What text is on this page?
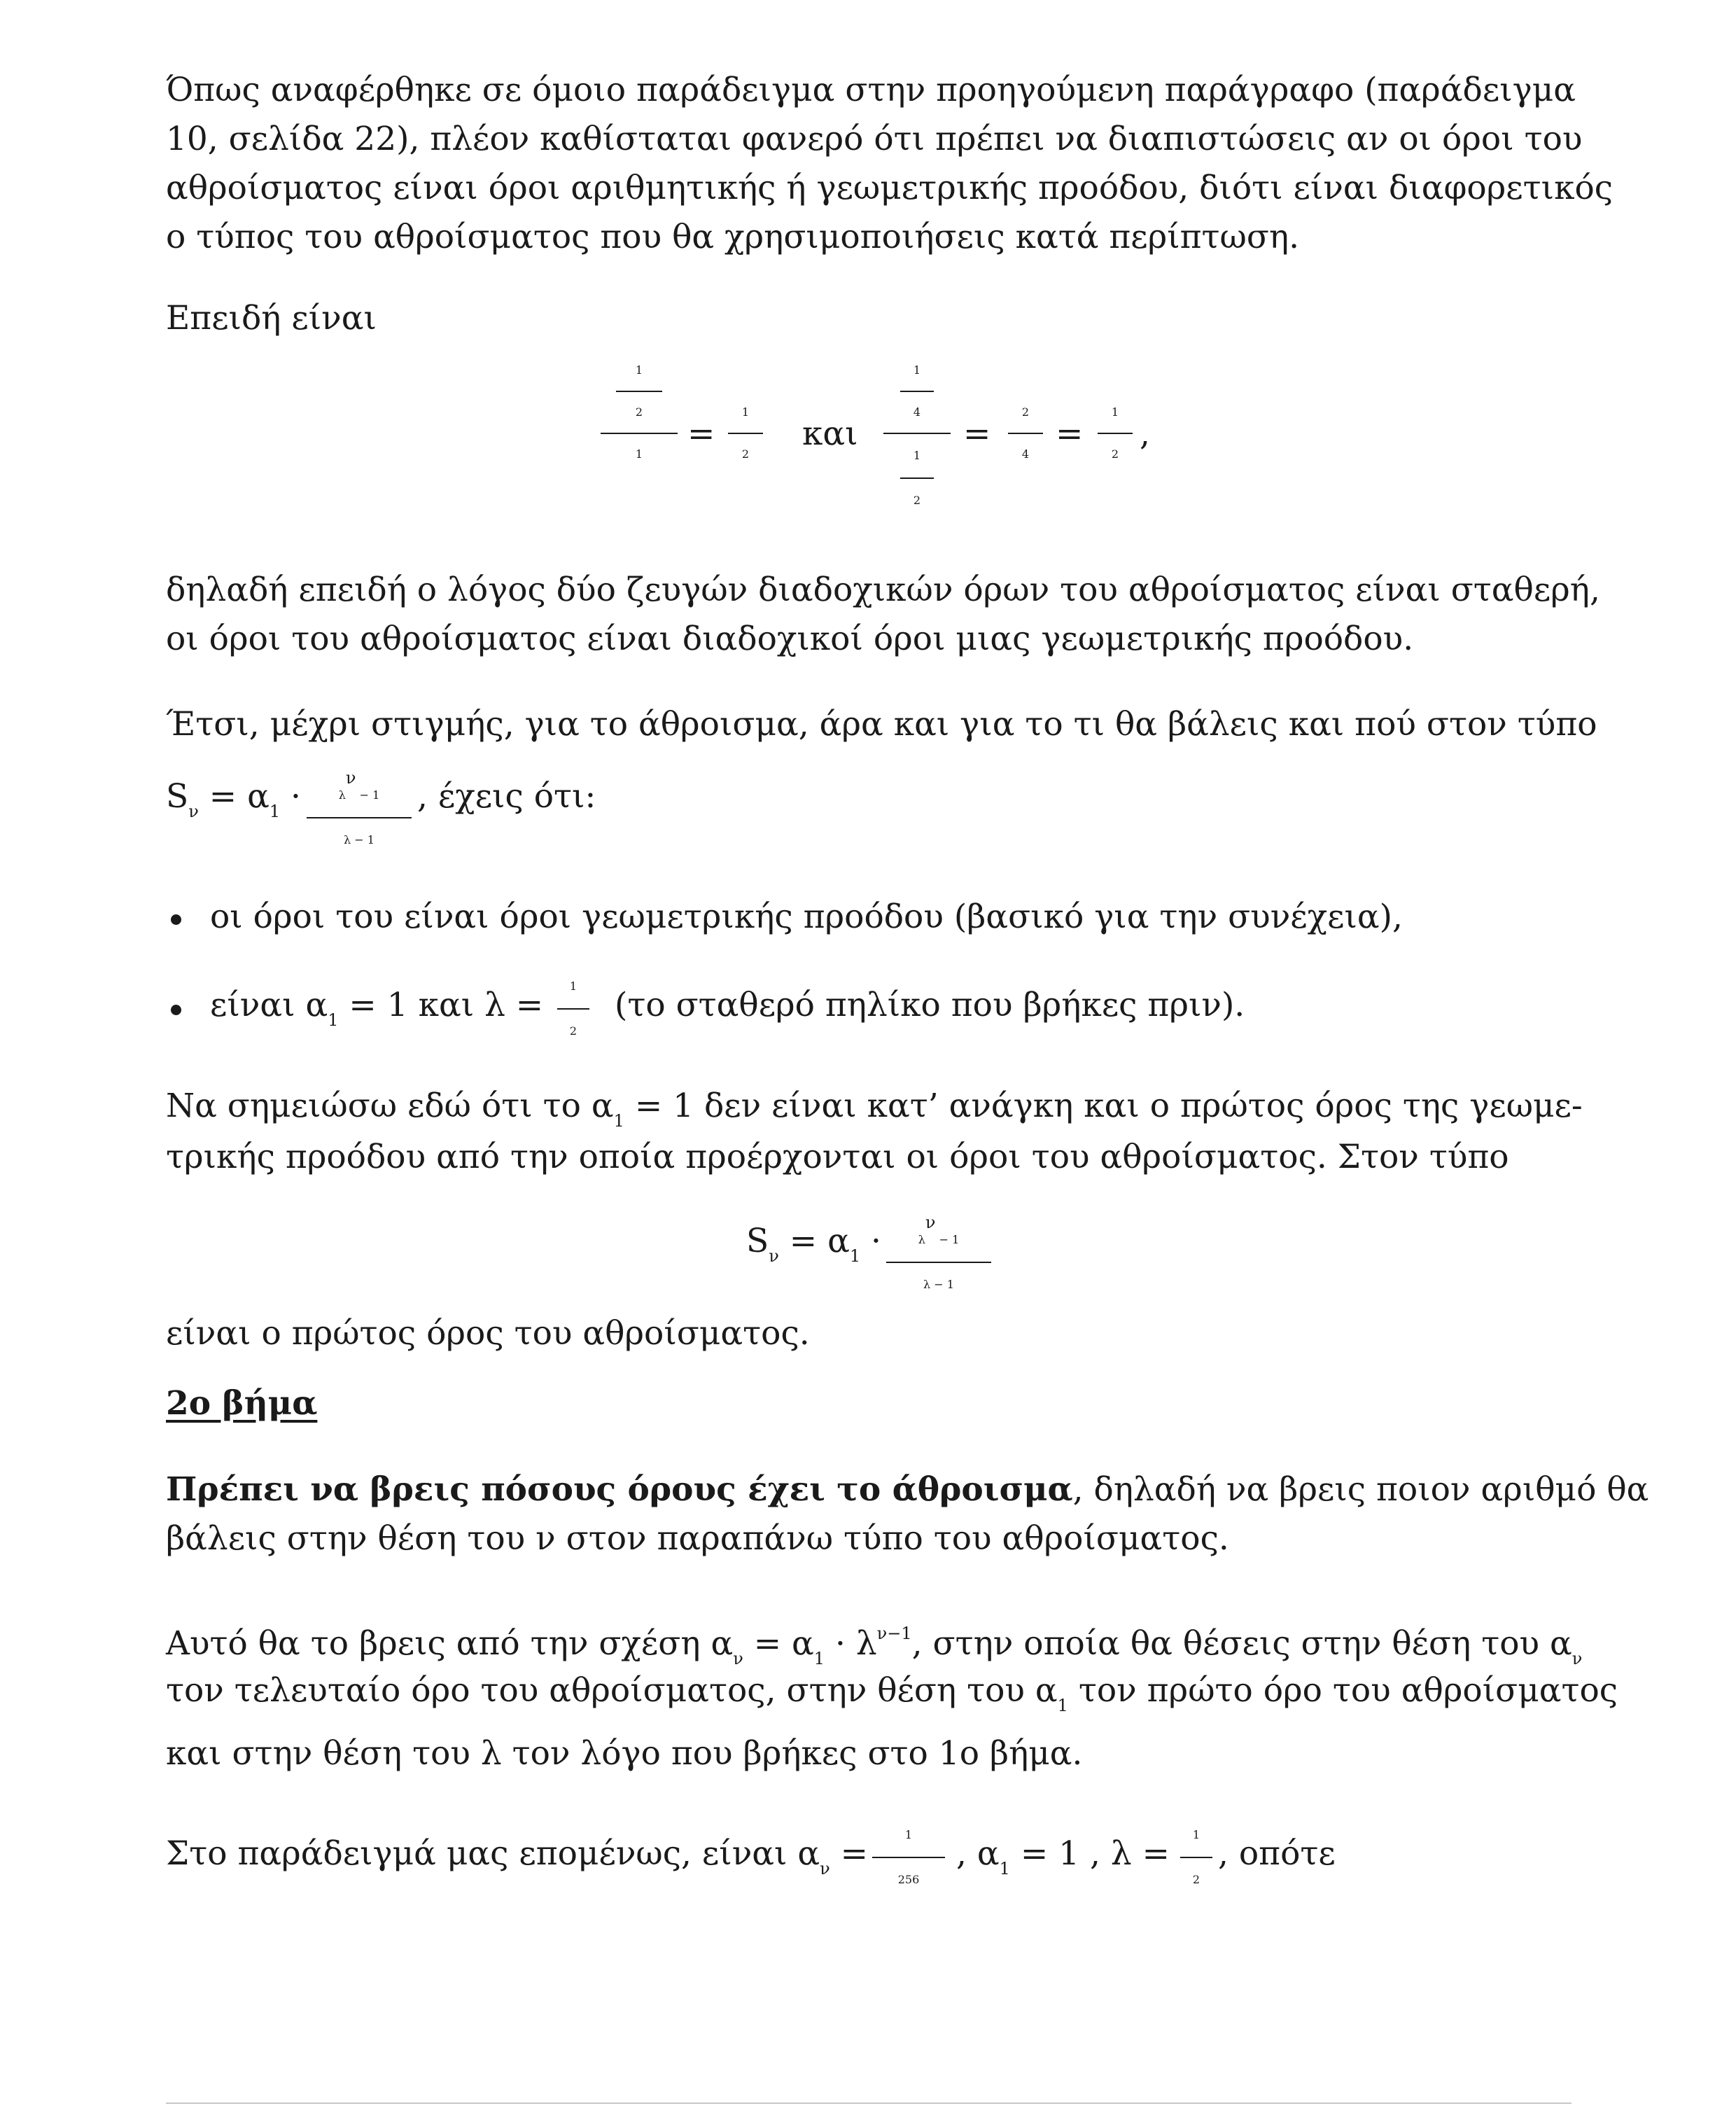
Όπως αναφέρθηκε σε όμοιο παράδειγμα στην προηγούμενη παράγραφο (παράδειγμα

10, σελίδα 22), πλέον καθίσταται φανερό ότι πρέπει να διαπιστώσεις αν οι όροι του

αθροίσματος είναι όροι αριθμητικής ή γεωμετρικής προόδου, διότι είναι διαφορετικός

ο τύπος του αθροίσματος που θα χρησιμοποιήσεις κατά περίπτωση.

Επειδή είναι

1
2
1
=
1
2
και
1
4
1
2
=
2
4
=
1
2
,

δηλαδή επειδή ο λόγος δύο ζευγών διαδοχικών όρων του αθροίσματος είναι σταθερή,

οι όροι του αθροίσματος είναι διαδοχικοί όροι μιας γεωμετρικής προόδου.

Έτσι, μέχρι στιγμής, για το άθροισμα, άρα και για το τι θα βάλεις και πού στον τύπο

$S_\nu = \alpha_1$ ·	$\lambda^\nu - 1$
λ − 1
, έχεις ότι:

οι όροι του είναι όροι γεωμετρικής προόδου (βασικό για την συνέχεια),

είναι $\alpha_1 = 1$ και λ =	1
2
(το σταθερό πηλίκο που βρήκες πριν).

Να σημειώσω εδώ ότι το $\alpha_1 = 1$ δεν είναι κατ’ ανάγκη και ο πρώτος όρος της γεωμε-

τρικής προόδου από την οποία προέρχονται οι όροι του αθροίσματος. Στον τύπο

$S_\nu = \alpha_1$ ·	$\lambda^\nu - 1$
λ − 1

είναι ο πρώτος όρος του αθροίσματος.

2ο βήμα

Πρέπει να βρεις πόσους όρους έχει το άθροισμα, δηλαδή να βρεις ποιον αριθμό θα

βάλεις στην θέση του ν στον παραπάνω τύπο του αθροίσματος.

Αυτό θα το βρεις από την σχέση $\alpha_\nu = \alpha_1 \cdot \lambda^{\nu-1}$, στην οποία θα θέσεις στην θέση του $\alpha_\nu$

τον τελευταίο όρο του αθροίσματος, στην θέση του $\alpha_1$ τον πρώτο όρο του αθροίσματος

και στην θέση του λ τον λόγο που βρήκες στο 1ο βήμα.

Στο παράδειγμά μας επομένως, είναι $\alpha_\nu$ =	1
256
, $\alpha_1 = 1$ , λ =	1
2
, οπότε
